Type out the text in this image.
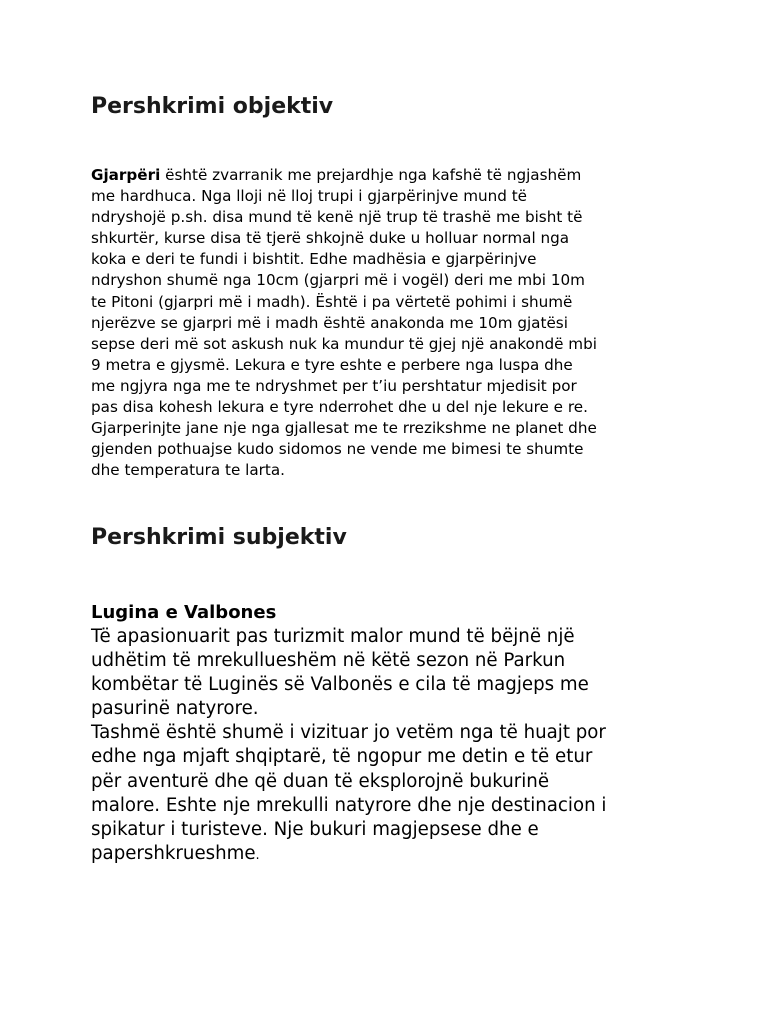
Pershkrimi objektiv

Gjarpëri është zvarranik me prejardhje nga kafshë të ngjashëm
me hardhuca. Nga lloji në lloj trupi i gjarpërinjve mund të
ndryshojë p.sh. disa mund të kenë një trup të trashë me bisht të
shkurtër, kurse disa të tjerë shkojnë duke u holluar normal nga
koka e deri te fundi i bishtit. Edhe madhësia e gjarpërinjve
ndryshon shumë nga 10cm (gjarpri më i vogël) deri me mbi 10m
te Pitoni (gjarpri më i madh). Është i pa vërtetë pohimi i shumë
njerëzve se gjarpri më i madh është anakonda me 10m gjatësi
sepse deri më sot askush nuk ka mundur të gjej një anakondë mbi
9 metra e gjysmë. Lekura e tyre eshte e perbere nga luspa dhe
me ngjyra nga me te ndryshmet per t’iu pershtatur mjedisit por
pas disa kohesh lekura e tyre nderrohet dhe u del nje lekure e re.
Gjarperinjte jane nje nga gjallesat me te rrezikshme ne planet dhe
gjenden pothuajse kudo sidomos ne vende me bimesi te shumte
dhe temperatura te larta.

Pershkrimi subjektiv

Lugina e Valbones

Të apasionuarit pas turizmit malor mund të bëjnë një
udhëtim të mrekullueshëm në këtë sezon në Parkun
kombëtar të Luginës së Valbonës e cila të magjeps me
pasurinë natyrore.
Tashmë është shumë i vizituar jo vetëm nga të huajt por
edhe nga mjaft shqiptarë, të ngopur me detin e të etur
për aventurë dhe që duan të eksplorojnë bukurinë
malore. Eshte nje mrekulli natyrore dhe nje destinacion i
spikatur i turisteve. Nje bukuri magjepsese dhe e
papershkrueshme.
